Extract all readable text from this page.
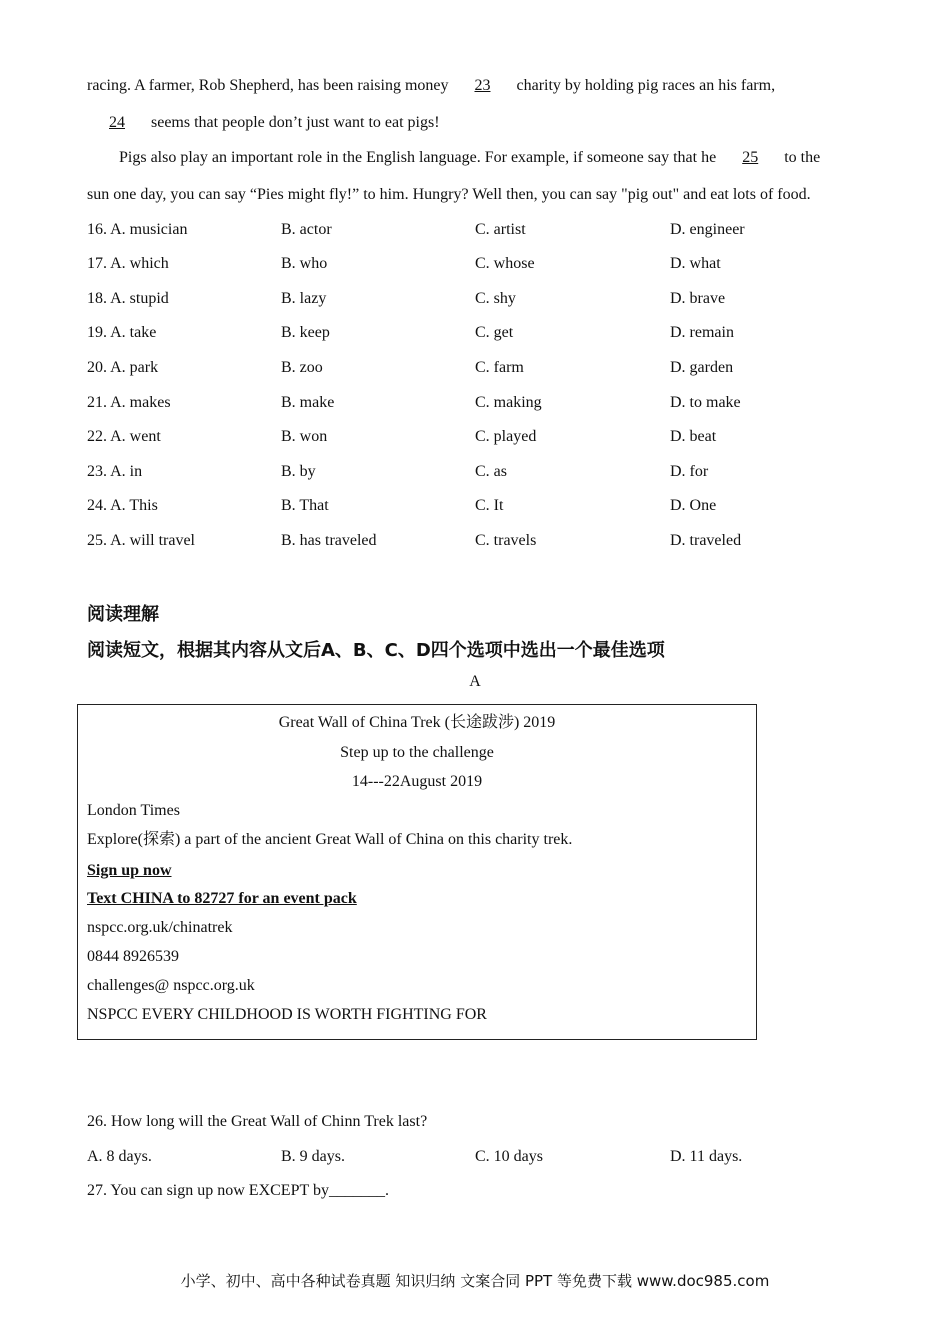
racing. A farmer, Rob Shepherd, has been raising money 23 charity by holding pig races an his farm,
24 seems that people don’t just want to eat pigs!
Pigs also play an important role in the English language. For example, if someone say that he 25 to the
sun one day, you can say “Pies might fly!” to him. Hungry? Well then, you can say "pig out" and eat lots of food.
16. A. musician	B. actor	C. artist	D. engineer
17. A. which	B. who	C. whose	D. what
18. A. stupid	B. lazy	C. shy	D. brave
19. A. take	B. keep	C. get	D. remain
20. A. park	B. zoo	C. farm	D. garden
21. A. makes	B. make	C. making	D. to make
22. A. went	B. won	C. played	D. beat
23. A. in	B. by	C. as	D. for
24. A. This	B. That	C. It	D. One
25. A. will travel	B. has traveled	C. travels	D. traveled
阅读理解
阅读短文，根据其内容从文后A、B、C、D四个选项中选出一个最佳选项
A
Great Wall of China Trek (长途跋涉) 2019
Step up to the challenge
14---22August 2019
London Times
Explore(探索) a part of the ancient Great Wall of China on this charity trek.
Sign up now
Text CHINA to 82727 for an event pack
nspcc.org.uk/chinatrek
0844 8926539
challenges@ nspcc.org.uk
NSPCC EVERY CHILDHOOD IS WORTH FIGHTING FOR
26. How long will the Great Wall of Chinn Trek last?
A. 8 days.	B. 9 days.	C. 10 days	D. 11 days.
27. You can sign up now EXCEPT by_______.
小学、初中、高中各种试卷真题 知识归纳 文案合同 PPT 等免费下载 www.doc985.com
